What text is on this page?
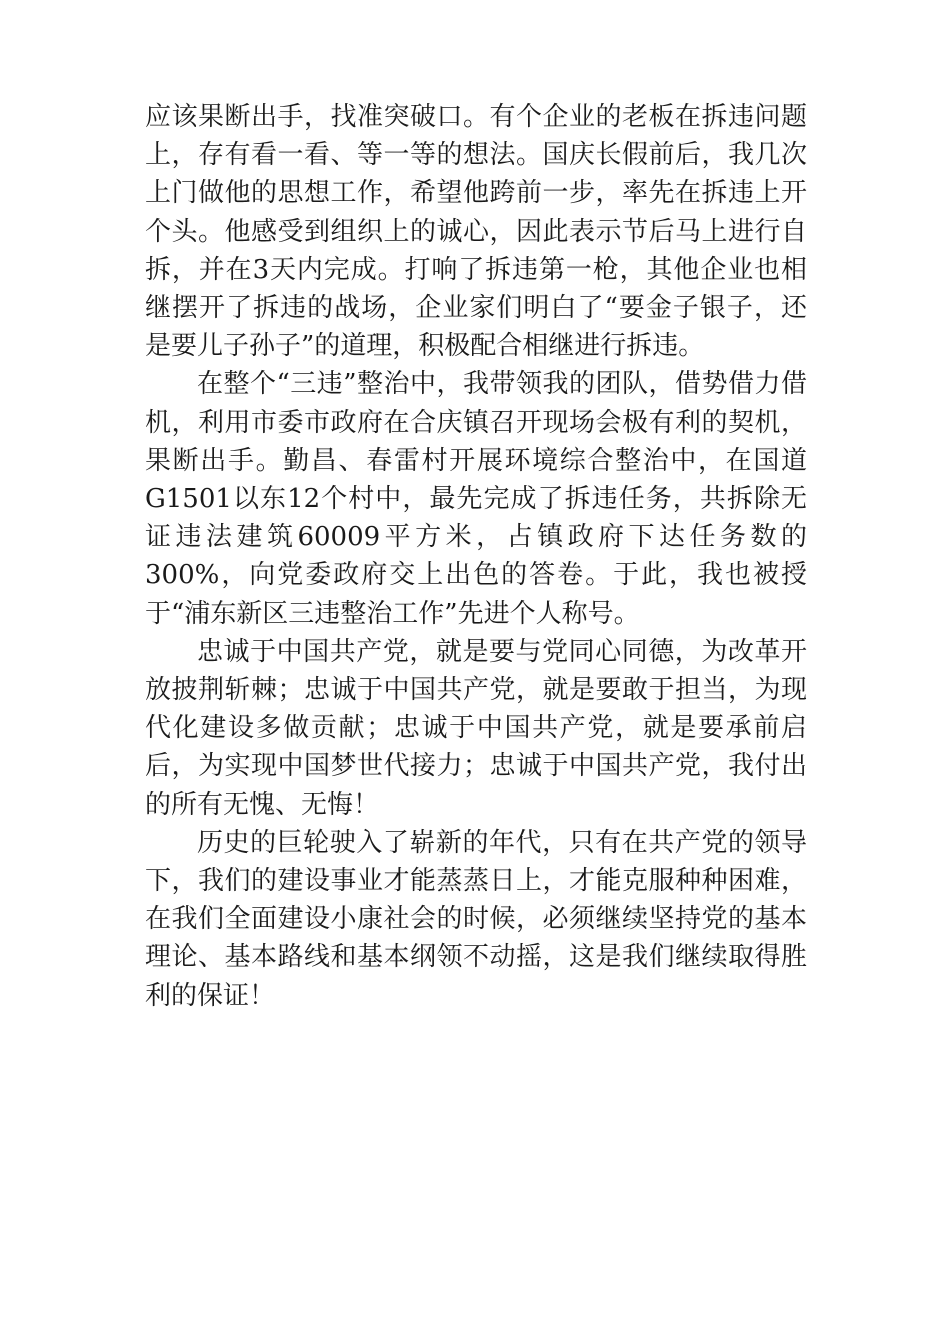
应该果断出手，找准突破口。有个企业的老板在拆违问题上，存有看一看、等一等的想法。国庆长假前后，我几次上门做他的思想工作，希望他跨前一步，率先在拆违上开个头。他感受到组织上的诚心，因此表示节后马上进行自拆，并在3天内完成。打响了拆违第一枪，其他企业也相继摆开了拆违的战场，企业家们明白了“要金子银子，还是要儿子孙子”的道理，积极配合相继进行拆违。

在整个“三违”整治中，我带领我的团队，借势借力借机，利用市委市政府在合庆镇召开现场会极有利的契机，果断出手。勤昌、春雷村开展环境综合整治中，在国道G1501以东12个村中，最先完成了拆违任务，共拆除无证违法建筑60009平方米，占镇政府下达任务数的300%，向党委政府交上出色的答卷。于此，我也被授于“浦东新区三违整治工作”先进个人称号。

忠诚于中国共产党，就是要与党同心同德，为改革开放披荆斩棘；忠诚于中国共产党，就是要敢于担当，为现代化建设多做贡献；忠诚于中国共产党，就是要承前启后，为实现中国梦世代接力；忠诚于中国共产党，我付出的所有无愧、无悔！

历史的巨轮驶入了崭新的年代，只有在共产党的领导下，我们的建设事业才能蒸蒸日上，才能克服种种困难，在我们全面建设小康社会的时候，必须继续坚持党的基本理论、基本路线和基本纲领不动摇，这是我们继续取得胜利的保证！
